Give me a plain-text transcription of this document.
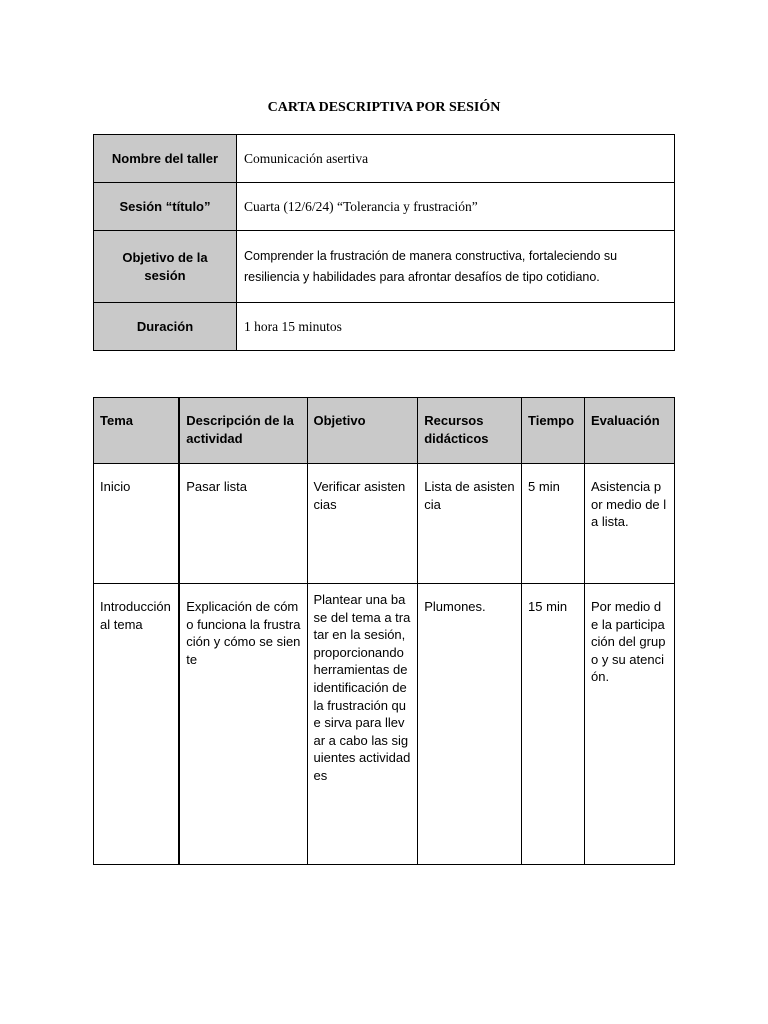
CARTA DESCRIPTIVA POR SESIÓN
Nombre del taller	Comunicación asertiva
Sesión “título”	Cuarta (12/6/24) “Tolerancia y frustración”
Objetivo de la sesión	Comprender la frustración de manera constructiva, fortaleciendo su resiliencia y habilidades para afrontar desafíos de tipo cotidiano.
Duración	1 hora 15 minutos
Tema	Descripción de la actividad	Objetivo	Recursos didácticos	Tiempo	Evaluación
Inicio	Pasar lista	Verificar asistencias	Lista de asistencia	5 min	Asistencia por medio de la lista.
Introducción al tema	Explicación de cómo funciona la frustración y cómo se siente	Plantear una base del tema a tratar en la sesión, proporcionando herramientas de identificación de la frustración que sirva para llevar a cabo las siguientes actividades	Plumones.	15 min	Por medio de la participación del grupo y su atención.
